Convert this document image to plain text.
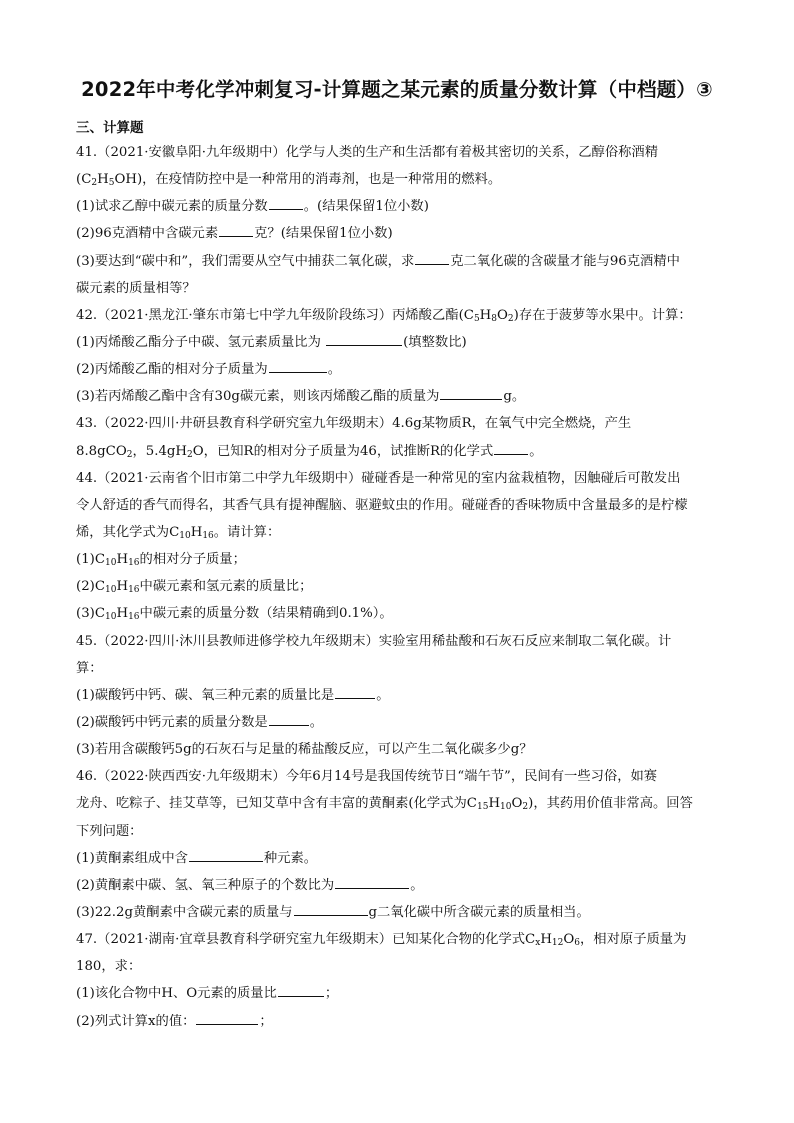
2022年中考化学冲刺复习-计算题之某元素的质量分数计算（中档题）③
三、计算题
41.（2021·安徽阜阳·九年级期中）化学与人类的生产和生活都有着极其密切的关系，乙醇俗称酒精
$(C_2H_5OH)$，在疫情防控中是一种常用的消毒剂，也是一种常用的燃料。
(1)试求乙醇中碳元素的质量分数	。(结果保留1位小数)
(2)96克酒精中含碳元素	克？(结果保留1位小数)
(3)要达到“碳中和”，我们需要从空气中捕获二氧化碳，求	克二氧化碳的含碳量才能与96克酒精中
碳元素的质量相等？
42.（2021·黑龙江·肇东市第七中学九年级阶段练习）丙烯酸乙酯$(C_5H_8O_2)$存在于菠萝等水果中。计算：
(1)丙烯酸乙酯分子中碳、氢元素质量比为	(填整数比)
(2)丙烯酸乙酯的相对分子质量为	。
(3)若丙烯酸乙酯中含有30g碳元素，则该丙烯酸乙酯的质量为	g。
43.（2022·四川·井研县教育科学研究室九年级期末）4.6g某物质R，在氧气中完全燃烧，产生
8.8gCO$_2$，$5.4gH_2O$，已知R的相对分子质量为46，试推断R的化学式	。
44.（2021·云南省个旧市第二中学九年级期中）碰碰香是一种常见的室内盆栽植物，因触碰后可散发出
令人舒适的香气而得名，其香气具有提神醒脑、驱避蚊虫的作用。碰碰香的香味物质中含量最多的是柠檬
烯，其化学式为$C_{10}H_{16}$。请计算：
$(1)C_{10}H_{16}$的相对分子质量；
$(2)C_{10}H_{16}$中碳元素和氢元素的质量比；
$(3)C_{10}H_{16}$中碳元素的质量分数（结果精确到0.1%）。
45.（2022·四川·沐川县教师进修学校九年级期末）实验室用稀盐酸和石灰石反应来制取二氧化碳。计
算：
(1)碳酸钙中钙、碳、氧三种元素的质量比是	。
(2)碳酸钙中钙元素的质量分数是	。
(3)若用含碳酸钙5g的石灰石与足量的稀盐酸反应，可以产生二氧化碳多少g？
46.（2022·陕西西安·九年级期末）今年6月14号是我国传统节日“端午节”，民间有一些习俗，如赛
龙舟、吃粽子、挂艾草等，已知艾草中含有丰富的黄酮素(化学式为$C_{15}H_{10}O_2$)，其药用价值非常高。回答
下列问题：
(1)黄酮素组成中含	种元素。
(2)黄酮素中碳、氢、氧三种原子的个数比为	。
(3)22.2g黄酮素中含碳元素的质量与	g二氧化碳中所含碳元素的质量相当。
47.（2021·湖南·宜章县教育科学研究室九年级期末）已知某化合物的化学式$C_xH_{12}O_6$，相对原子质量为
180，求：
(1)该化合物中H、O元素的质量比	；
(2)列式计算x的值：	；
